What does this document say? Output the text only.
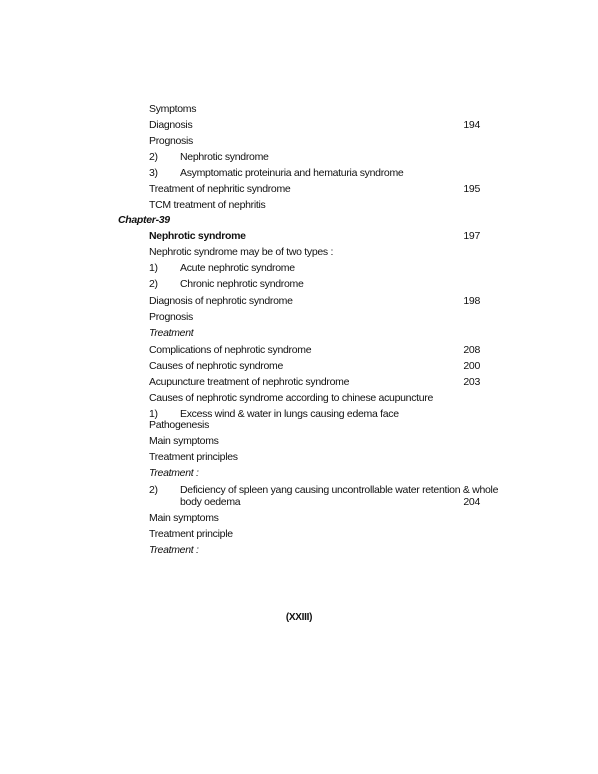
Symptoms
Diagnosis	194
Prognosis
2)	Nephrotic syndrome
3)	Asymptomatic proteinuria and hematuria syndrome
Treatment of nephritic syndrome	195
TCM treatment of nephritis
Chapter-39
Nephrotic syndrome	197
Nephrotic syndrome may be of two types :
1)	Acute nephrotic syndrome
2)	Chronic nephrotic syndrome
Diagnosis of nephrotic syndrome	198
Prognosis
Treatment
Complications of nephrotic syndrome	208
Causes of nephrotic syndrome	200
Acupuncture treatment of nephrotic syndrome	203
Causes of nephrotic syndrome according to chinese acupuncture
1)	Excess wind & water in lungs causing edema face
Pathogenesis
Main symptoms
Treatment principles
Treatment :
2)	Deficiency of spleen yang causing uncontrollable water retention & whole
body oedema	204
Main symptoms
Treatment principle
Treatment :
(XXIII)
